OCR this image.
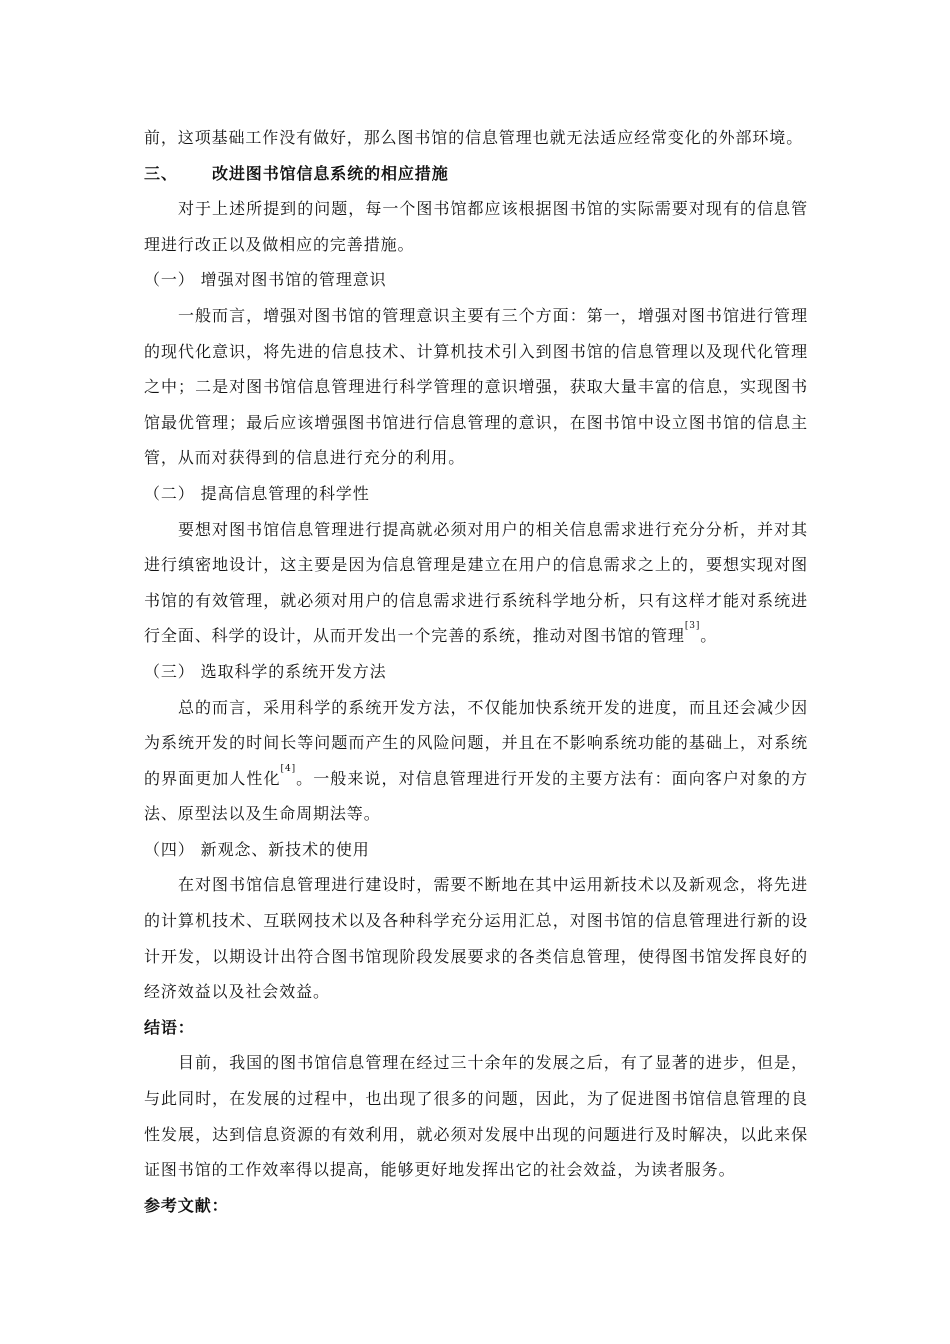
前，这项基础工作没有做好，那么图书馆的信息管理也就无法适应经常变化的外部环境。
三、 改进图书馆信息系统的相应措施
对于上述所提到的问题，每一个图书馆都应该根据图书馆的实际需要对现有的信息管
理进行改正以及做相应的完善措施。
（一） 增强对图书馆的管理意识
一般而言，增强对图书馆的管理意识主要有三个方面：第一，增强对图书馆进行管理
的现代化意识，将先进的信息技术、计算机技术引入到图书馆的信息管理以及现代化管理
之中；二是对图书馆信息管理进行科学管理的意识增强，获取大量丰富的信息，实现图书
馆最优管理；最后应该增强图书馆进行信息管理的意识，在图书馆中设立图书馆的信息主
管，从而对获得到的信息进行充分的利用。
（二） 提高信息管理的科学性
要想对图书馆信息管理进行提高就必须对用户的相关信息需求进行充分分析，并对其
进行缜密地设计，这主要是因为信息管理是建立在用户的信息需求之上的，要想实现对图
书馆的有效管理，就必须对用户的信息需求进行系统科学地分析，只有这样才能对系统进
行全面、科学的设计，从而开发出一个完善的系统，推动对图书馆的管理[3]。
（三） 选取科学的系统开发方法
总的而言，采用科学的系统开发方法，不仅能加快系统开发的进度，而且还会减少因
为系统开发的时间长等问题而产生的风险问题，并且在不影响系统功能的基础上，对系统
的界面更加人性化[4]。一般来说，对信息管理进行开发的主要方法有：面向客户对象的方
法、原型法以及生命周期法等。
（四） 新观念、新技术的使用
在对图书馆信息管理进行建设时，需要不断地在其中运用新技术以及新观念，将先进
的计算机技术、互联网技术以及各种科学充分运用汇总，对图书馆的信息管理进行新的设
计开发，以期设计出符合图书馆现阶段发展要求的各类信息管理，使得图书馆发挥良好的
经济效益以及社会效益。
结语：
目前，我国的图书馆信息管理在经过三十余年的发展之后，有了显著的进步，但是，
与此同时，在发展的过程中，也出现了很多的问题，因此，为了促进图书馆信息管理的良
性发展，达到信息资源的有效利用，就必须对发展中出现的问题进行及时解决，以此来保
证图书馆的工作效率得以提高，能够更好地发挥出它的社会效益，为读者服务。
参考文献：
